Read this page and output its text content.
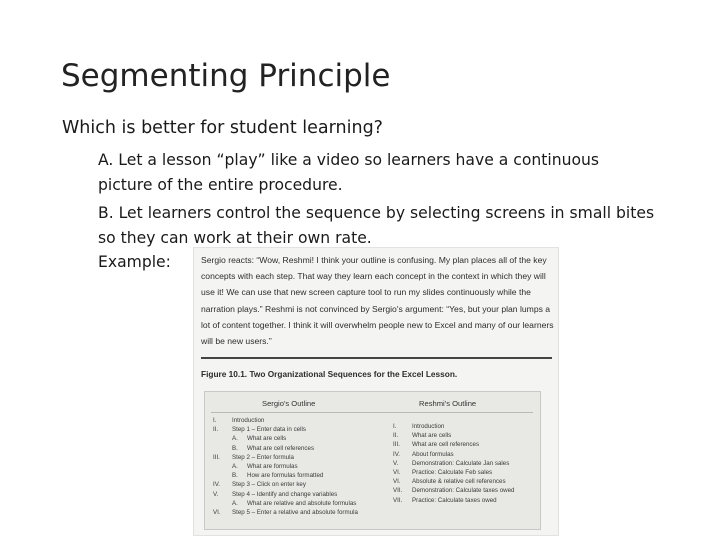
Segmenting Principle
Which is better for student learning?
A. Let a lesson “play” like a video so learners have a continuous picture of the entire procedure.
B. Let learners control the sequence by selecting screens in small bites so they can work at their own rate.
Example:	Sergio reacts: “Wow, Reshmi! I think your outline is confusing. My plan places all of the key concepts with each step. That way they learn each concept in the context in which they will use it! We can use that new screen capture tool to run my slides continuously while the narration plays.” Reshmi is not convinced by Sergio's argument: “Yes, but your plan lumps a lot of content together. I think it will overwhelm people new to Excel and many of our learners will be new users.”
Figure 10.1. Two Organizational Sequences for the Excel Lesson.
Sergio's Outline	Reshmi's Outline
I.	Introduction
II.	Step 1 – Enter data in cells
A.	What are cells
B.	What are cell references
III.	Step 2 – Enter formula
A.	What are formulas
B.	How are formulas formatted
IV.	Step 3 – Click on enter key
V.	Step 4 – Identify and change variables
A.	What are relative and absolute formulas
VI.	Step 5 – Enter a relative and absolute formula
I.	Introduction
II.	What are cells
III.	What are cell references
IV.	About formulas
V.	Demonstration: Calculate Jan sales
VI.	Practice: Calculate Feb sales
VI.	Absolute & relative cell references
VII.	Demonstration: Calculate taxes owed
VII.	Practice: Calculate taxes owed
